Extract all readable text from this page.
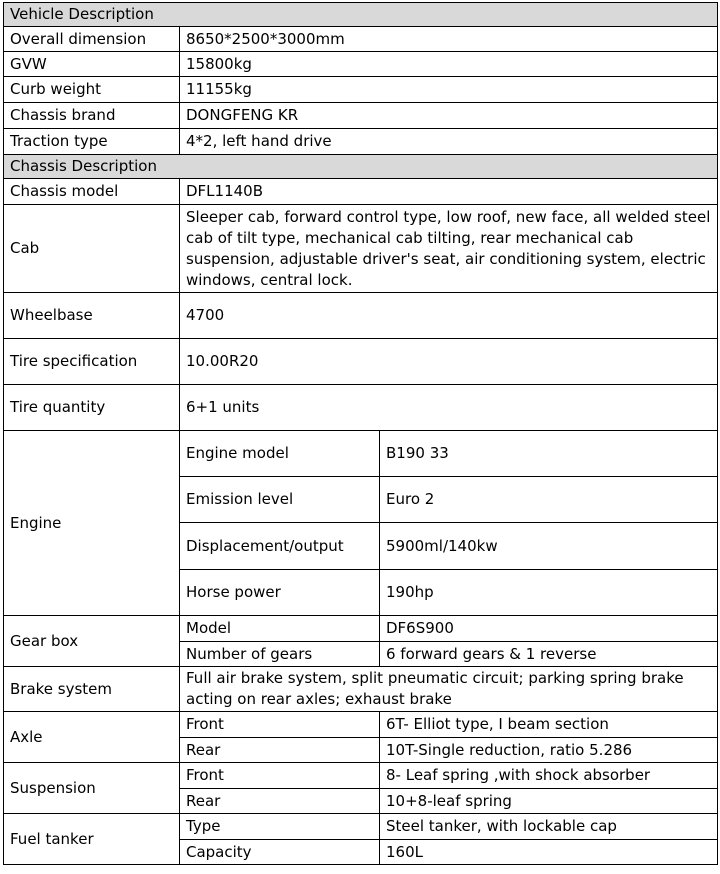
Vehicle Description		
Overall dimension	8650*2500*3000mm	
GVW	15800kg	
Curb weight	11155kg	
Chassis brand	DONGFENG KR	
Traction type	4*2, left hand drive	
Chassis Description		
Chassis model	DFL1140B	
Cab	Sleeper cab, forward control type, low roof, new face, all welded steel cab of tilt type, mechanical cab tilting, rear mechanical cab suspension, adjustable driver's seat, air conditioning system, electric windows, central lock.	
Wheelbase	4700	
Tire specification	10.00R20	
Tire quantity	6+1 units	
Engine	Engine model	B190 33
	Emission level	Euro 2
	Displacement/output	5900ml/140kw
	Horse power	190hp
Gear box	Model	DF6S900
	Number of gears	6 forward gears & 1 reverse
Brake system	Full air brake system, split pneumatic circuit; parking spring brake acting on rear axles; exhaust brake	
Axle	Front	6T- Elliot type, I beam section
	Rear	10T-Single reduction, ratio 5.286
Suspension	Front	8- Leaf spring ,with shock absorber
	Rear	10+8-leaf spring
Fuel tanker	Type	Steel tanker, with lockable cap
	Capacity	160L
